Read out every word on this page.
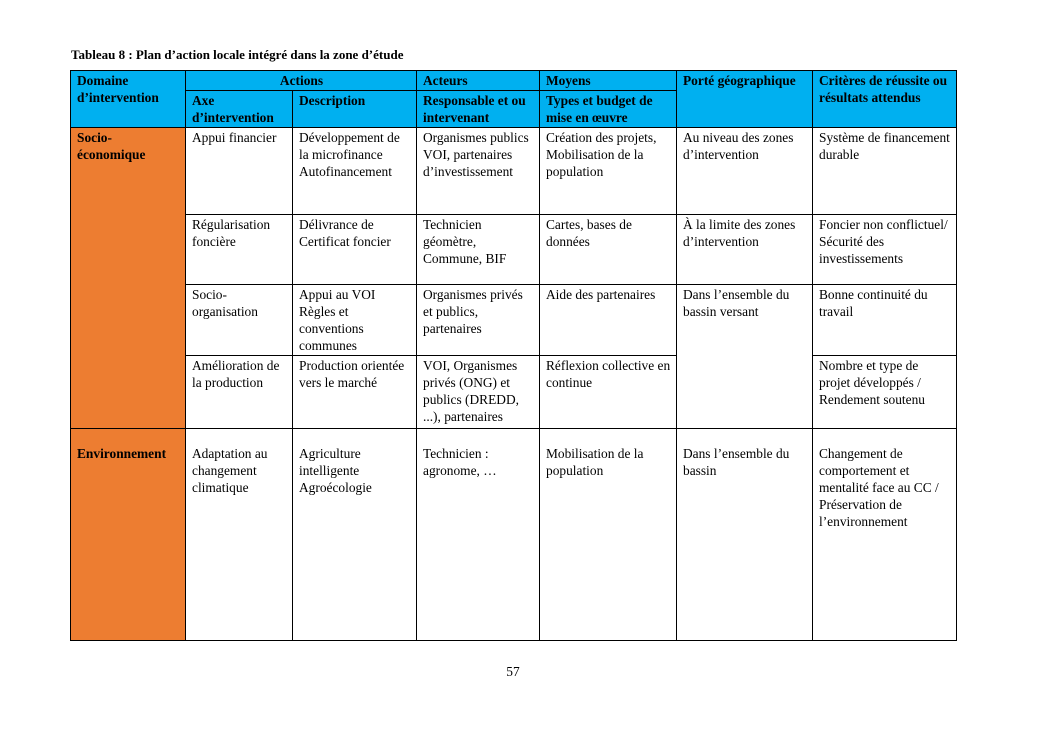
Tableau 8 : Plan d’action locale intégré dans la zone d’étude
Domaine d’intervention	Actions		Acteurs	Moyens	Porté géographique	Critères de réussite ou résultats attendus
	Axe d’intervention	Description	Responsable et ou intervenant	Types et budget de mise en œuvre		
Socio-économique	Appui financier	Développement de la microfinance Autofinancement	Organismes publics VOI, partenaires d’investissement	Création des projets, Mobilisation de la population	Au niveau des zones d’intervention	Système de financement durable
	Régularisation foncière	Délivrance de Certificat foncier	Technicien géomètre, Commune, BIF	Cartes, bases de données	À la limite des zones d’intervention	Foncier non conflictuel/ Sécurité des investissements
	Socio-organisation	Appui au VOI Règles et conventions communes	Organismes privés et publics, partenaires	Aide des partenaires	Dans l’ensemble du bassin versant	Bonne continuité du travail
	Amélioration de la production	Production orientée vers le marché	VOI, Organismes privés (ONG) et publics (DREDD, ...), partenaires	Réflexion collective en continue		Nombre et type de projet développés / Rendement soutenu
Environnement	Adaptation au changement climatique	Agriculture intelligente Agroécologie	Technicien : agronome, …	Mobilisation de la population	Dans l’ensemble du bassin	Changement de comportement et mentalité face au CC / Préservation de l’environnement
57
